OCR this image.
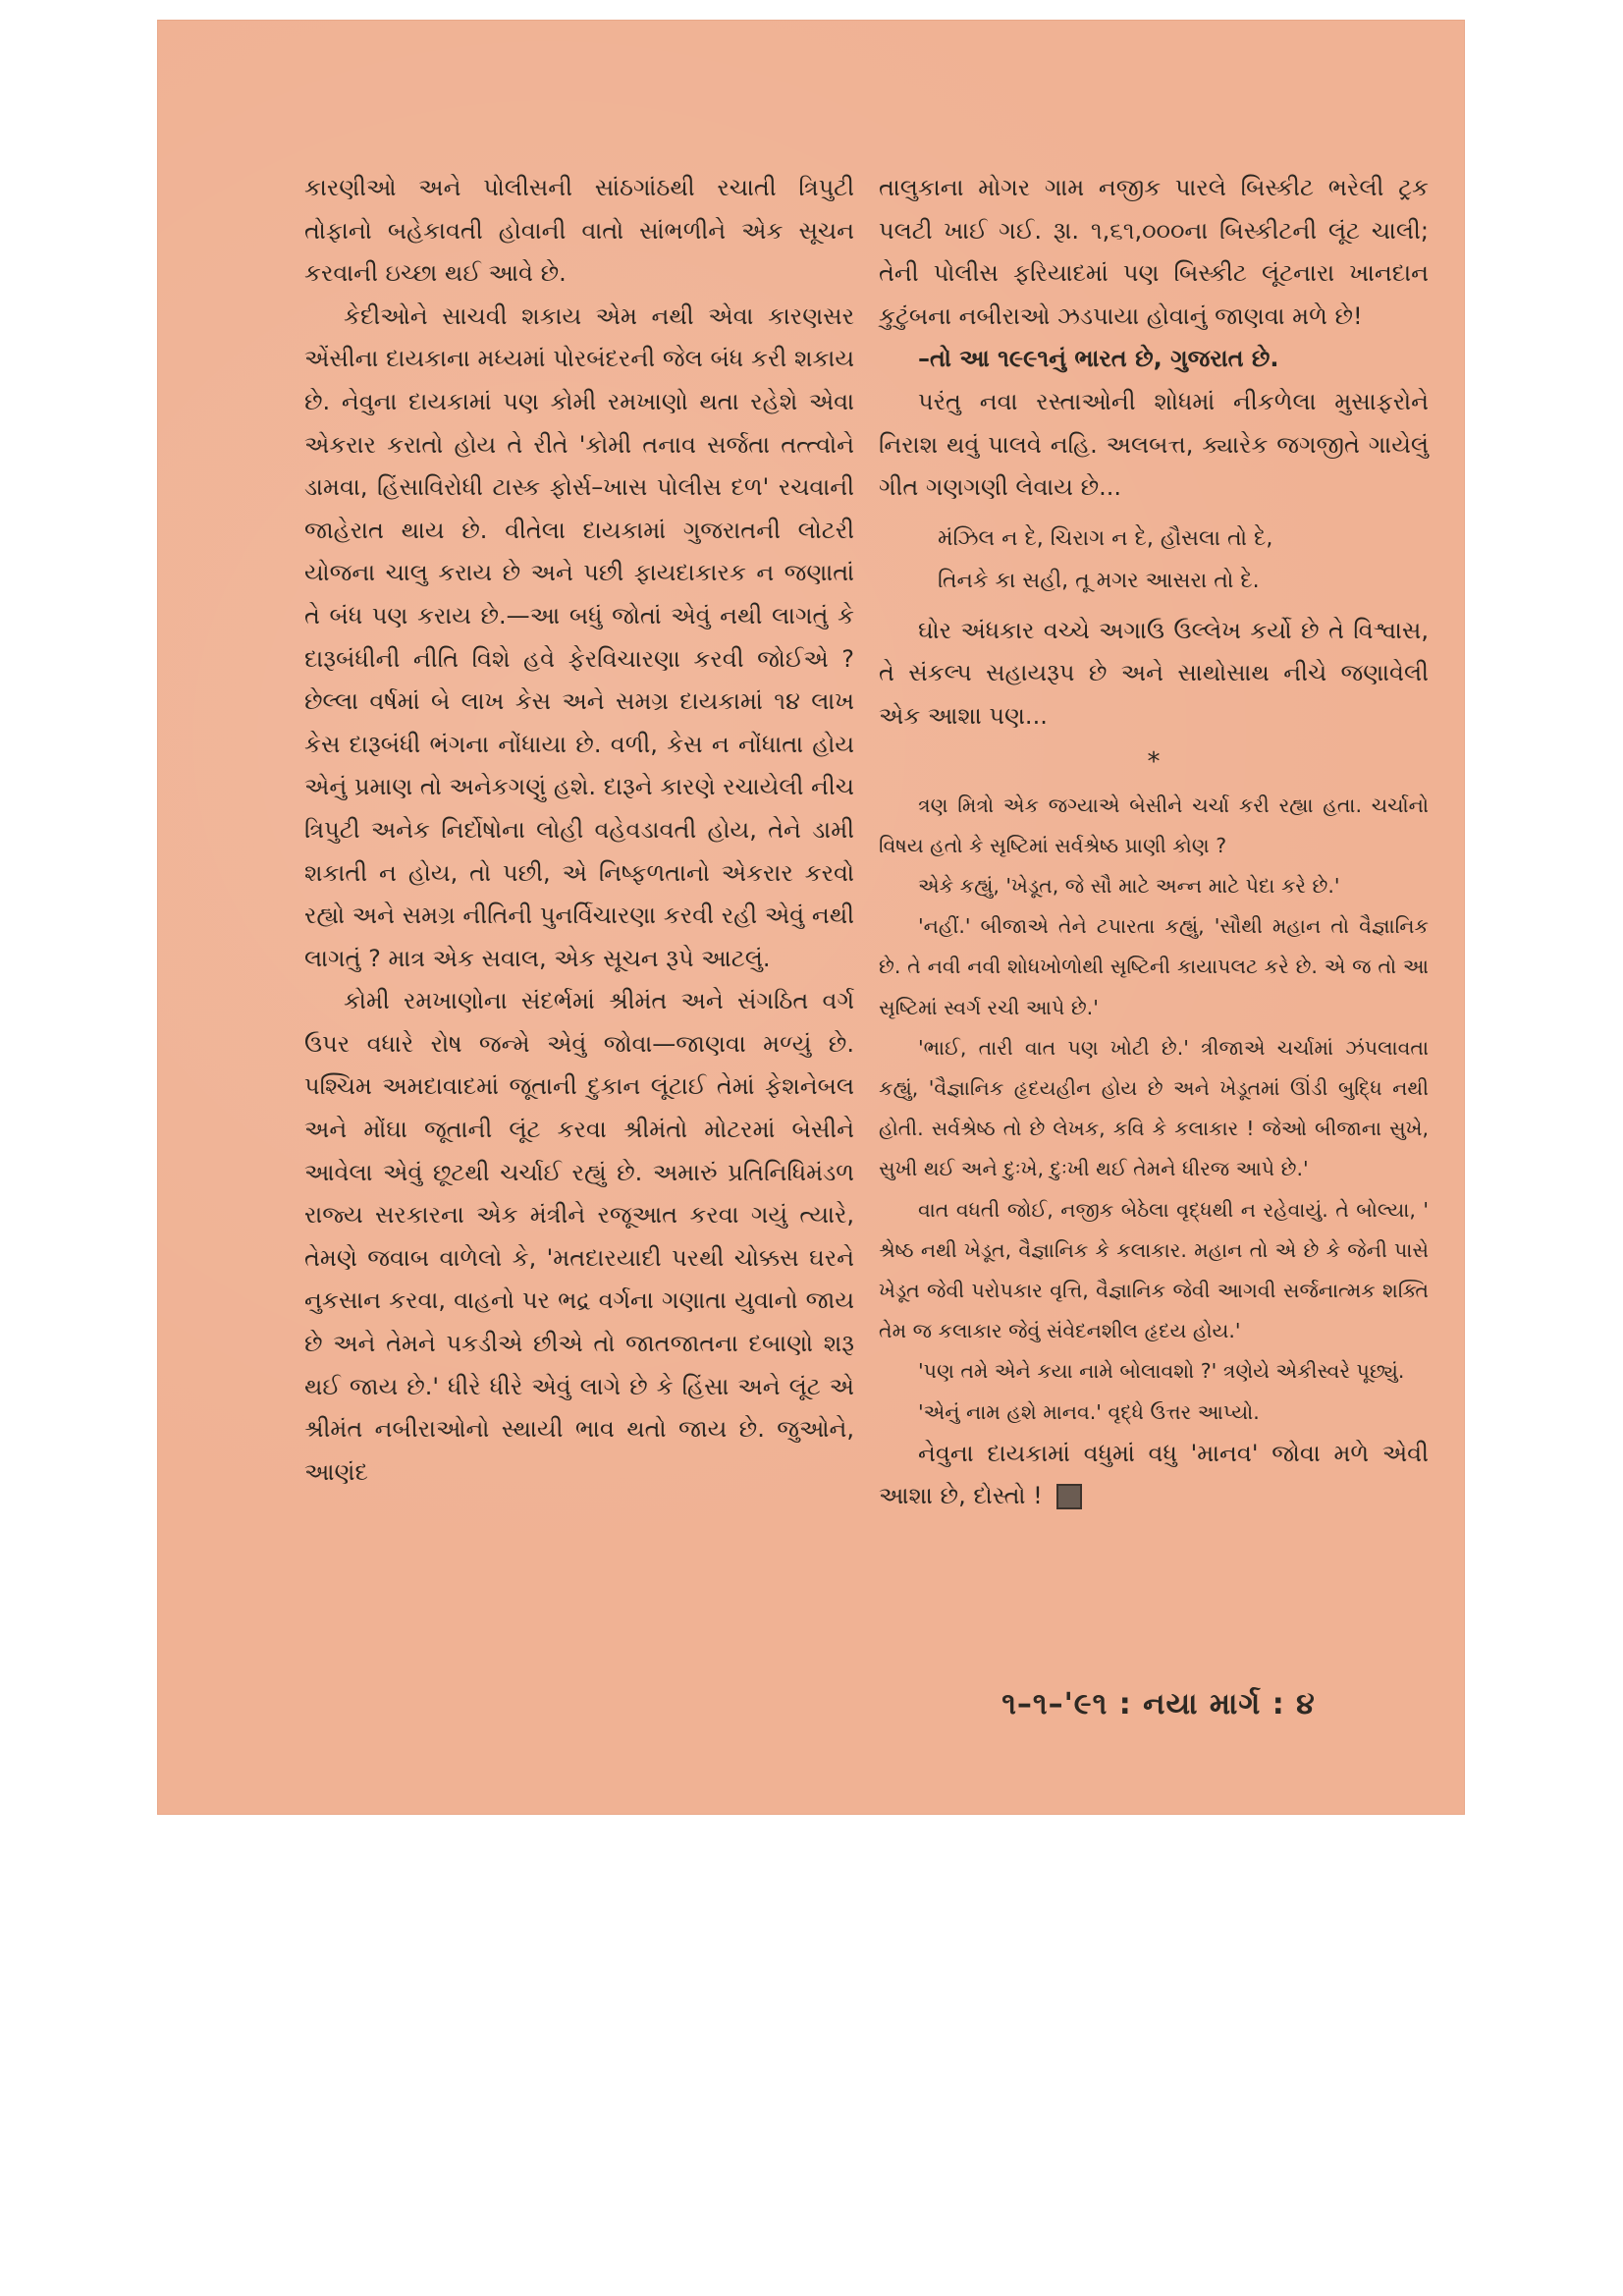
કારણીઓ અને પોલીસની સાંઠગાંઠથી રચાતી ત્રિપુટી તોફાનો બહેકાવતી હોવાની વાતો સાંભળીને એક સૂચન કરવાની ઇચ્છા થઈ આવે છે.

કેદીઓને સાચવી શકાય એમ નથી એવા કારણસર એંસીના દાયકાના મધ્યમાં પોરબંદરની જેલ બંધ કરી શકાય છે. નેવુના દાયકામાં પણ કોમી રમખાણો થતા રહેશે એવા એકરાર કરાતો હોય તે રીતે 'કોમી તનાવ સર્જતા તત્ત્વોને ડામવા, હિંસાવિરોધી ટાસ્ક ફોર્સ–ખાસ પોલીસ દળ' રચવાની જાહેરાત થાય છે. વીતેલા દાયકામાં ગુજરાતની લોટરી યોજના ચાલુ કરાય છે અને પછી ફાયદાકારક ન જણાતાં તે બંધ પણ કરાય છે.—આ બધું જોતાં એવું નથી લાગતું કે દારૂબંધીની નીતિ વિશે હવે ફેરવિચારણા કરવી જોઈએ ? છેલ્લા વર્ષમાં બે લાખ કેસ અને સમગ્ર દાયકામાં ૧૪ લાખ કેસ દારૂબંધી ભંગના નોંધાયા છે. વળી, કેસ ન નોંધાતા હોય એનું પ્રમાણ તો અનેકગણું હશે. દારૂને કારણે રચાયેલી નીચ ત્રિપુટી અનેક નિર્દોષોના લોહી વહેવડાવતી હોય, તેને ડામી શકાતી ન હોય, તો પછી, એ નિષ્ફળતાનો એકરાર કરવો રહ્યો અને સમગ્ર નીતિની પુનર્વિચારણા કરવી રહી એવું નથી લાગતું ? માત્ર એક સવાલ, એક સૂચન રૂપે આટલું.

કોમી રમખાણોના સંદર્ભમાં શ્રીમંત અને સંગઠિત વર્ગ ઉપર વધારે રોષ જન્મે એવું જોવા—જાણવા મળ્યું છે. પશ્ચિમ અમદાવાદમાં જૂતાની દુકાન લૂંટાઈ તેમાં ફેશનેબલ અને મોંઘા જૂતાની લૂંટ કરવા શ્રીમંતો મોટરમાં બેસીને આવેલા એવું છૂટથી ચર્ચાઈ રહ્યું છે. અમારું પ્રતિનિધિમંડળ રાજ્ય સરકારના એક મંત્રીને રજૂઆત કરવા ગયું ત્યારે, તેમણે જવાબ વાળેલો કે, 'મતદારયાદી પરથી ચોક્કસ ઘરને નુકસાન કરવા, વાહનો પર ભદ્ર વર્ગના ગણાતા યુવાનો જાય છે અને તેમને પકડીએ છીએ તો જાતજાતના દબાણો શરૂ થઈ જાય છે.' ધીરે ધીરે એવું લાગે છે કે હિંસા અને લૂંટ એ શ્રીમંત નબીરાઓનો સ્થાયી ભાવ થતો જાય છે. જુઓને, આણંદ

તાલુકાના મોગર ગામ નજીક પારલે બિસ્કીટ ભરેલી ટ્રક પલટી ખાઈ ગઈ. રૂા. ૧,૬૧,૦૦૦ના બિસ્કીટની લૂંટ ચાલી; તેની પોલીસ ફરિયાદમાં પણ બિસ્કીટ લૂંટનારા ખાનદાન કુટુંબના નબીરાઓ ઝડપાયા હોવાનું જાણવા મળે છે!

–તો આ ૧૯૯૧નું ભારત છે, ગુજરાત છે.

પરંતુ નવા રસ્તાઓની શોધમાં નીકળેલા મુસાફરોને નિરાશ થવું પાલવે નહિ. અલબત્ત, ક્યારેક જગજીતે ગાયેલું ગીત ગણગણી લેવાય છે...

મંઝિલ ન દે, ચિરાગ ન દે, હૌસલા તો દે,
તિનકે કા સહી, તૂ મગર આસરા તો દે.

ઘોર અંધકાર વચ્ચે અગાઉ ઉલ્લેખ કર્યો છે તે વિશ્વાસ, તે સંકલ્પ સહાયરૂપ છે અને સાથોસાથ નીચે જણાવેલી એક આશા પણ...

*

ત્રણ મિત્રો એક જગ્યાએ બેસીને ચર્ચા કરી રહ્યા હતા. ચર્ચાનો વિષય હતો કે સૃષ્ટિમાં સર્વશ્રેષ્ઠ પ્રાણી કોણ ?

એકે કહ્યું, 'ખેડૂત, જે સૌ માટે અન્ન માટે પેદા કરે છે.'

'નહીં.' બીજાએ તેને ટપારતા કહ્યું, 'સૌથી મહાન તો વૈજ્ઞાનિક છે. તે નવી નવી શોધખોળોથી સૃષ્ટિની કાયાપલટ કરે છે. એ જ તો આ સૃષ્ટિમાં સ્વર્ગ રચી આપે છે.'

'ભાઈ, તારી વાત પણ ખોટી છે.' ત્રીજાએ ચર્ચામાં ઝંપલાવતા કહ્યું, 'વૈજ્ઞાનિક હૃદયહીન હોય છે અને ખેડૂતમાં ઊંડી બુદ્ધિ નથી હોતી. સર્વશ્રેષ્ઠ તો છે લેખક, કવિ કે કલાકાર ! જેઓ બીજાના સુખે, સુખી થઈ અને દુઃખે, દુઃખી થઈ તેમને ધીરજ આપે છે.'

વાત વધતી જોઈ, નજીક બેઠેલા વૃદ્ધથી ન રહેવાયું. તે બોલ્યા, ' શ્રેષ્ઠ નથી ખેડૂત, વૈજ્ઞાનિક કે કલાકાર. મહાન તો એ છે કે જેની પાસે ખેડૂત જેવી પરોપકાર વૃત્તિ, વૈજ્ઞાનિક જેવી આગવી સર્જનાત્મક શક્તિ તેમ જ કલાકાર જેવું સંવેદનશીલ હૃદય હોય.'

'પણ તમે એને કયા નામે બોલાવશો ?' ત્રણેયે એકીસ્વરે પૂછ્યું.

'એનું નામ હશે માનવ.' વૃદ્ધે ઉત્તર આપ્યો.

નેવુના દાયકામાં વધુમાં વધુ 'માનવ' જોવા મળે એવી આશા છે, દોસ્તો !

૧–૧–'૯૧ : નયા માર્ગ : ૪
